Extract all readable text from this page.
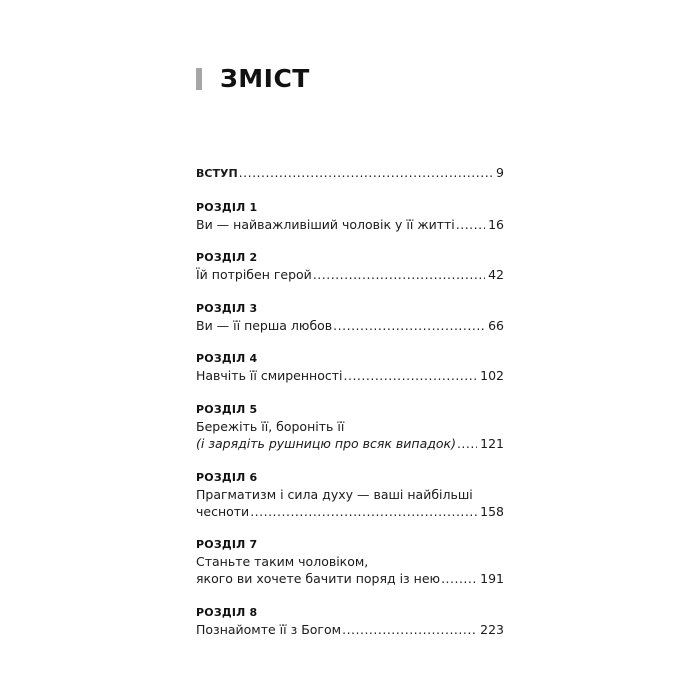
ЗМІСТ
ВСТУП .....	9
РОЗДІЛ 1
Ви — найважливіший чоловік у її житті .....	16
РОЗДІЛ 2
Їй потрібен герой .....	42
РОЗДІЛ 3
Ви — її перша любов .....	66
РОЗДІЛ 4
Навчіть її смиренності .....	102
РОЗДІЛ 5
Бережіть її, бороніть її
(і зарядіть рушницю про всяк випадок) ..... 121
РОЗДІЛ 6
Прагматизм і сила духу — ваші найбільші
чесноти .....	158
РОЗДІЛ 7
Станьте таким чоловіком,
якого ви хочете бачити поряд із нею .....	191
РОЗДІЛ 8
Познайомте її з Богом .....	223
